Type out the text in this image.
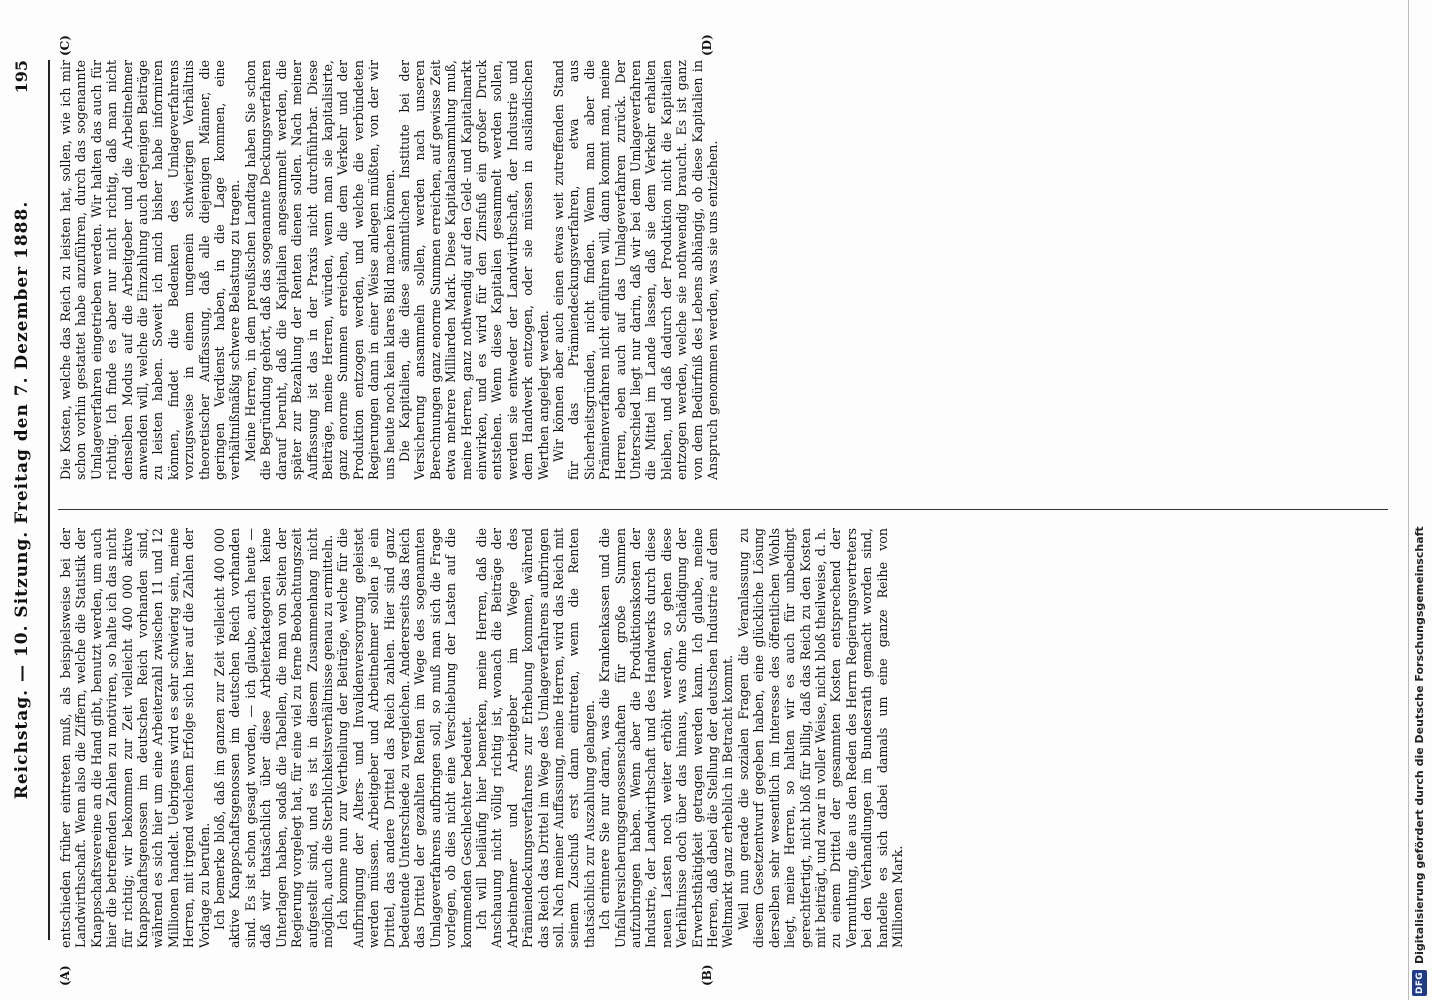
Reichstag. — 10. Sitzung. Freitag den 7. Dezember 1888.
195
(A)	(B)
(C)	(D)

entschieden früher eintreten muß, als beispielsweise bei der Landwirthschaft. Wenn also die Ziffern, welche die Statistik der Knappschaftsvereine an die Hand gibt, benutzt werden, um auch hier die betreffenden Zahlen zu motiviren, so halte ich das nicht für richtig; wir bekommen zur Zeit vielleicht 400 000 aktive Knappschaftsgenossen im deutschen Reich vorhanden sind, während es sich hier um eine Arbeiterzahl zwischen 11 und 12 Millionen handelt. Uebrigens wird es sehr schwierig sein, meine Herren, mit irgend welchem Erfolge sich hier auf die Zahlen der Vorlage zu berufen. Ich bemerke bloß, daß im ganzen zur Zeit vielleicht 400 000 aktive Knappschaftsgenossen im deutschen Reich vorhanden sind. Es ist schon gesagt worden, — ich glaube, auch heute — daß wir thatsächlich über diese Arbeiterkategorien keine Unterlagen haben, sodaß die Tabellen, die man von Seiten der Regierung vorgelegt hat, für eine viel zu ferne Beobachtungszeit aufgestellt sind, und es ist in diesem Zusammenhang nicht möglich, auch die Sterblichkeitsverhältnisse genau zu ermitteln. Ich komme nun zur Vertheilung der Beiträge, welche für die Aufbringung der Alters- und Invalidenversorgung geleistet werden müssen. Arbeitgeber und Arbeitnehmer sollen je ein Drittel, das andere Drittel das Reich zahlen. Hier sind ganz bedeutende Unterschiede zu vergleichen. Andererseits das Reich das Drittel der gezahlten Renten im Wege des sogenannten Umlageverfahrens aufbringen soll, so muß man sich die Frage vorlegen, ob dies nicht eine Verschiebung der Lasten auf die kommenden Geschlechter bedeutet. Ich will beiläufig hier bemerken, meine Herren, daß die Anschauung nicht völlig richtig ist, wonach die Beiträge der Arbeitnehmer und Arbeitgeber im Wege des Prämiendeckungsverfahrens zur Erhebung kommen, während das Reich das Drittel im Wege des Umlageverfahrens aufbringen soll. Nach meiner Auffassung, meine Herren, wird das Reich mit seinem Zuschuß erst dann eintreten, wenn die Renten thatsächlich zur Auszahlung gelangen. Ich erinnere Sie nur daran, was die Krankenkassen und die Unfallversicherungsgenossenschaften für große Summen aufzubringen haben. Wenn aber die Produktionskosten der Industrie, der Landwirthschaft und des Handwerks durch diese neuen Lasten noch weiter erhöht werden, so gehen diese Verhältnisse doch über das hinaus, was ohne Schädigung der Erwerbsthätigkeit getragen werden kann. Ich glaube, meine Herren, daß dabei die Stellung der deutschen Industrie auf dem Weltmarkt ganz erheblich in Betracht kommt. Weil nun gerade die sozialen Fragen die Veranlassung zu diesem Gesetzentwurf gegeben haben, eine glückliche Lösung derselben sehr wesentlich im Interesse des öffentlichen Wohls liegt, meine Herren, so halten wir es auch für unbedingt gerechtfertigt, nicht bloß für billig, daß das Reich zu den Kosten mit beiträgt, und zwar in voller Weise, nicht bloß theilweise, d. h. zu einem Drittel der gesammten Kosten entsprechend der Vermuthung, die aus den Reden des Herrn Regierungsvertreters bei den Verhandlungen im Bundesrath gemacht worden sind, handelte es sich dabei damals um eine ganze Reihe von Millionen Mark.

Die Kosten, welche das Reich zu leisten hat, sollen, wie ich mir schon vorhin gestattet habe anzuführen, durch das sogenannte Umlageverfahren eingetrieben werden. Wir halten das auch für richtig. Ich finde es aber nur nicht richtig, daß man nicht denselben Modus auf die Arbeitgeber und die Arbeitnehmer anwenden will, welche die Einzahlung auch derjenigen Beiträge zu leisten haben. Soweit ich mich bisher habe informiren können, findet die Bedenken des Umlageverfahrens vorzugsweise in einem ungemein schwierigen Verhältnis theoretischer Auffassung, daß alle diejenigen Männer, die geringen Verdienst haben, in die Lage kommen, eine verhältnißmäßig schwere Belastung zu tragen. Meine Herren, in dem preußischen Landtag haben Sie schon die Begründung gehört, daß das sogenannte Deckungsverfahren darauf beruht, daß die Kapitalien angesammelt werden, die später zur Bezahlung der Renten dienen sollen. Nach meiner Auffassung ist das in der Praxis nicht durchführbar. Diese Beiträge, meine Herren, würden, wenn man sie kapitalisirte, ganz enorme Summen erreichen, die dem Verkehr und der Produktion entzogen werden, und welche die verbündeten Regierungen dann in einer Weise anlegen müßten, von der wir uns heute noch kein klares Bild machen können. Die Kapitalien, die diese sämmtlichen Institute bei der Versicherung ansammeln sollen, werden nach unseren Berechnungen ganz enorme Summen erreichen, auf gewisse Zeit etwa mehrere Milliarden Mark. Diese Kapitalansammlung muß, meine Herren, ganz nothwendig auf den Geld- und Kapitalmarkt einwirken, und es wird für den Zinsfuß ein großer Druck entstehen. Wenn diese Kapitalien gesammelt werden sollen, werden sie entweder der Landwirthschaft, der Industrie und dem Handwerk entzogen, oder sie müssen in ausländischen Werthen angelegt werden. Wir können aber auch einen etwas weit zutreffenden Stand für das Prämiendeckungsverfahren, etwa aus Sicherheitsgründen, nicht finden. Wenn man aber die Prämienverfahren nicht einführen will, dann kommt man, meine Herren, eben auch auf das Umlageverfahren zurück. Der Unterschied liegt nur darin, daß wir bei dem Umlageverfahren die Mittel im Lande lassen, daß sie dem Verkehr erhalten bleiben, und daß dadurch der Produktion nicht die Kapitalien entzogen werden, welche sie nothwendig braucht. Es ist ganz von dem Bedürfniß des Lebens abhängig, ob diese Kapitalien in Anspruch genommen werden, was sie uns entziehen.

DFG
Digitalisierung gefördert durch die Deutsche Forschungsgemeinschaft
